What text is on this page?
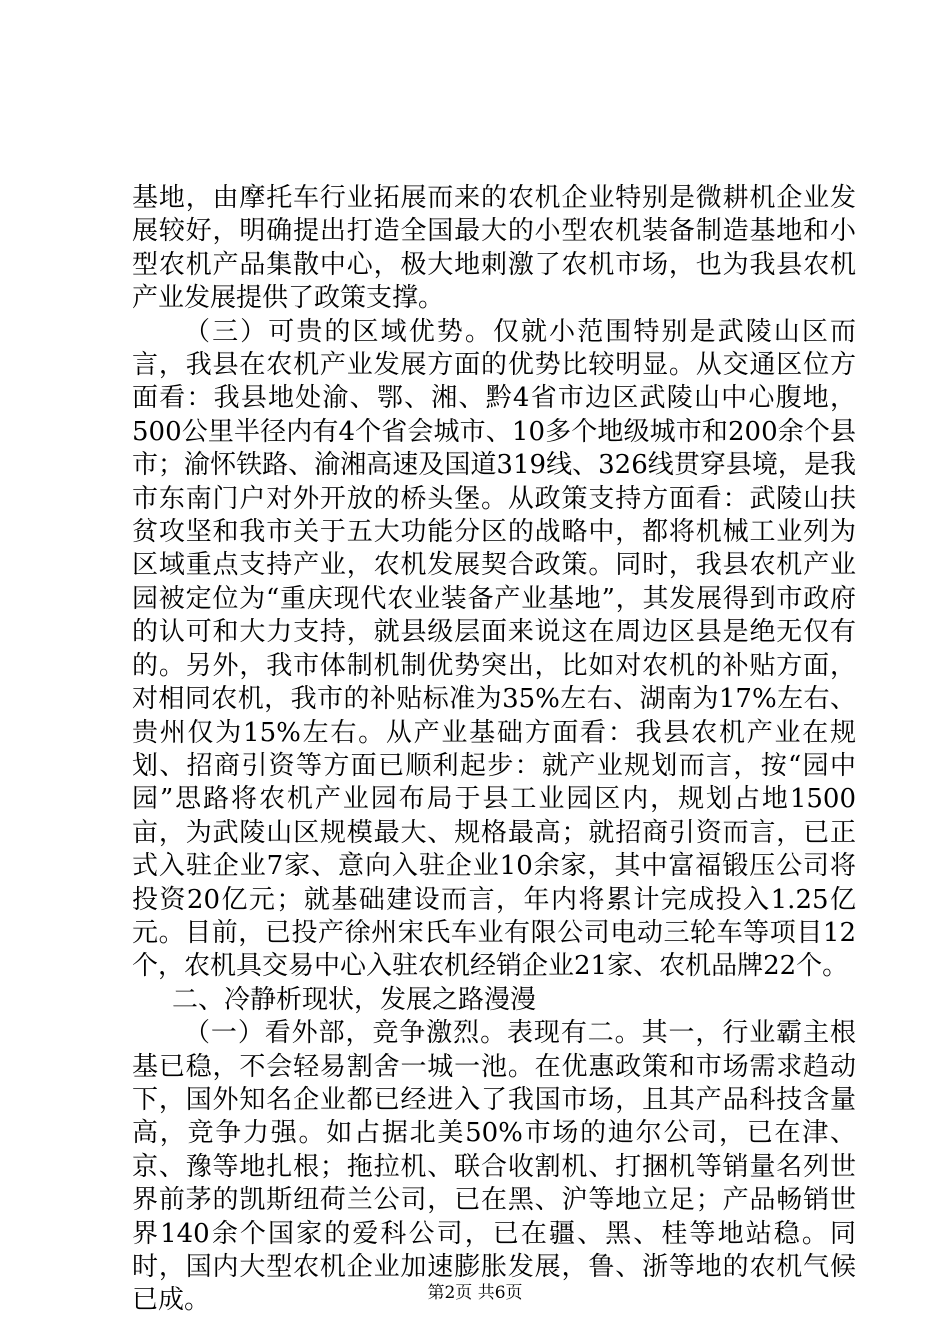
基地，由摩托车行业拓展而来的农机企业特别是微耕机企业发展较好，明确提出打造全国最大的小型农机装备制造基地和小型农机产品集散中心，极大地刺激了农机市场，也为我县农机产业发展提供了政策支撑。

（三）可贵的区域优势。仅就小范围特别是武陵山区而言，我县在农机产业发展方面的优势比较明显。从交通区位方面看：我县地处渝、鄂、湘、黔4省市边区武陵山中心腹地，500公里半径内有4个省会城市、10多个地级城市和200余个县市；渝怀铁路、渝湘高速及国道319线、326线贯穿县境，是我市东南门户对外开放的桥头堡。从政策支持方面看：武陵山扶贫攻坚和我市关于五大功能分区的战略中，都将机械工业列为区域重点支持产业，农机发展契合政策。同时，我县农机产业园被定位为“重庆现代农业装备产业基地”，其发展得到市政府的认可和大力支持，就县级层面来说这在周边区县是绝无仅有的。另外，我市体制机制优势突出，比如对农机的补贴方面，对相同农机，我市的补贴标准为35%左右、湖南为17%左右、贵州仅为15%左右。从产业基础方面看：我县农机产业在规划、招商引资等方面已顺利起步：就产业规划而言，按“园中园”思路将农机产业园布局于县工业园区内，规划占地1500亩，为武陵山区规模最大、规格最高；就招商引资而言，已正式入驻企业7家、意向入驻企业10余家，其中富福锻压公司将投资20亿元；就基础建设而言，年内将累计完成投入1.25亿元。目前，已投产徐州宋氏车业有限公司电动三轮车等项目12个，农机具交易中心入驻农机经销企业21家、农机品牌22个。

二、冷静析现状，发展之路漫漫

（一）看外部，竞争激烈。表现有二。其一，行业霸主根基已稳，不会轻易割舍一城一池。在优惠政策和市场需求趋动下，国外知名企业都已经进入了我国市场，且其产品科技含量高，竞争力强。如占据北美50%市场的迪尔公司，已在津、京、豫等地扎根；拖拉机、联合收割机、打捆机等销量名列世界前茅的凯斯纽荷兰公司，已在黑、沪等地立足；产品畅销世界140余个国家的爱科公司，已在疆、黑、桂等地站稳。同时，国内大型农机企业加速膨胀发展，鲁、浙等地的农机气候已成。	第2页 共6页
